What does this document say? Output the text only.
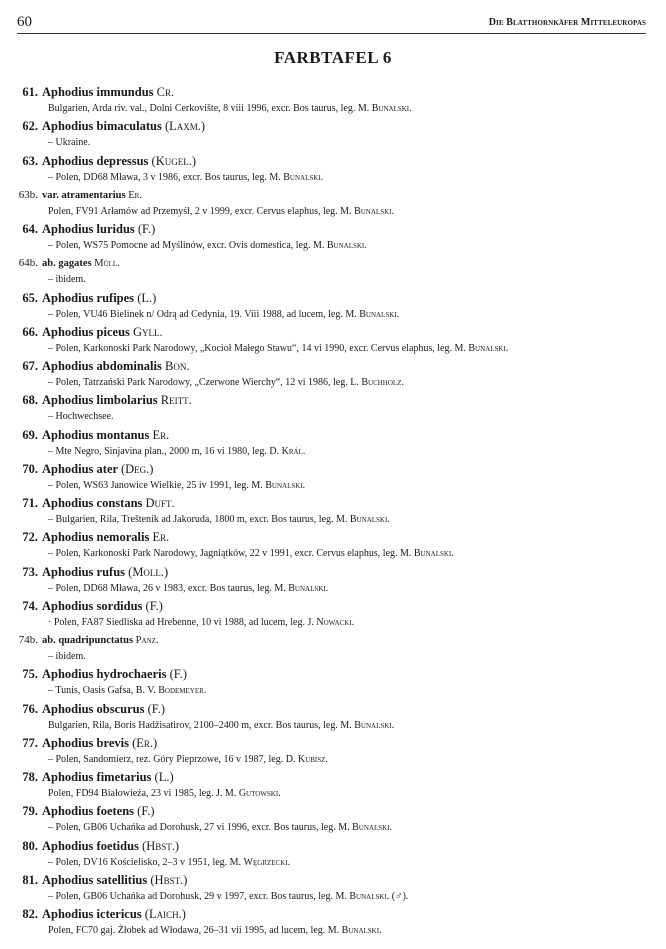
60	Die Blatthornkäfer Mitteleuropas
FARBTAFEL 6
61. Aphodius immundus Cr.
Bulgarien, Arda riv. val., Dolni Cerkovište, 8 viii 1996, excr. Bos taurus, leg. M. Bunalski.
62. Aphodius bimaculatus (Laxm.)
– Ukraine.
63. Aphodius depressus (Kugel.)
– Polen, DD68 Mława, 3 v 1986, excr. Bos taurus, leg. M. Bunalski.
63b. var. atramentarius Er.
Polen, FV91 Arłamów ad Przemyśl, 2 v 1999, excr. Cervus elaphus, leg. M. Bunalski.
64. Aphodius luridus (F.)
– Polen, WS75 Pomocne ad Myślinów, excr. Ovis domestica, leg. M. Bunalski.
64b. ab. gagates Müll.
– ibidem.
65. Aphodius rufipes (L.)
– Polen, VU46 Bielinek n/ Odrą ad Cedynia, 19. Viii 1988, ad lucem, leg. M. Bunalski.
66. Aphodius piceus Gyll.
– Polen, Karkonoski Park Narodowy, „Kocioł Małego Stawu“, 14 vi 1990, excr. Cervus elaphus, leg. M. Bunalski.
67. Aphodius abdominalis Bon.
– Polen, Tatrzański Park Narodowy, „Czerwone Wierchy“, 12 vi 1986, leg. L. Buchholz.
68. Aphodius limbolarius Reitt.
– Hochwechsee.
69. Aphodius montanus Er.
– Mte Negro, Sinjavina plan., 2000 m, 16 vi 1980, leg. D. Král.
70. Aphodius ater (Deg.)
– Polen, WS63 Janowice Wielkie, 25 iv 1991, leg. M. Bunalski.
71. Aphodius constans Duft.
– Bulgarien, Rila, Trešteník ad Jakoruda, 1800 m, excr. Bos taurus, leg. M. Bunalski.
72. Aphodius nemoralis Er.
– Polen, Karkonoski Park Narodowy, Jagniątków, 22 v 1991, excr. Cervus elaphus, leg. M. Bunalski.
73. Aphodius rufus (Moll.)
– Polen, DD68 Mława, 26 v 1983, excr. Bos taurus, leg. M. Bunalski.
74. Aphodius sordidus (F.)
· Polen, FA87 Siedliska ad Hrebenne, 10 vi 1988, ad lucem, leg. J. Nowacki.
74b. ab. quadripunctatus Panz.
– ibidem.
75. Aphodius hydrochaeris (F.)
– Tunis, Oasis Gafsa, B. V. Bodemeyer.
76. Aphodius obscurus (F.)
Bulgarien, Rila, Boris Hadžisatirov, 2100–2400 m, excr. Bos taurus, leg. M. Bunalski.
77. Aphodius brevis (Er.)
– Polen, Sandomierz, rez. Góry Pieprzowe, 16 v 1987, leg. D. Kubisz.
78. Aphodius fimetarius (L.)
Polen, FD94 Białowieża, 23 vi 1985, leg. J. M. Gutowski.
79. Aphodius foetens (F.)
– Polen, GB06 Uchańka ad Dorohusk, 27 vi 1996, excr. Bos taurus, leg. M. Bunalski.
80. Aphodius foetidus (Hbst.)
– Polen, DV16 Kościelisko, 2–3 v 1951, leg. M. Węgrzecki.
81. Aphodius satellitius (Hbst.)
– Polen, GB06 Uchańka ad Dorohusk, 29 v 1997, excr. Bos taurus, leg. M. Bunalski. (♂).
82. Aphodius ictericus (Laich.)
Polen, FC70 gaj. Żłobek ad Włodawa, 26–31 vii 1995, ad lucem, leg. M. Bunalski.
